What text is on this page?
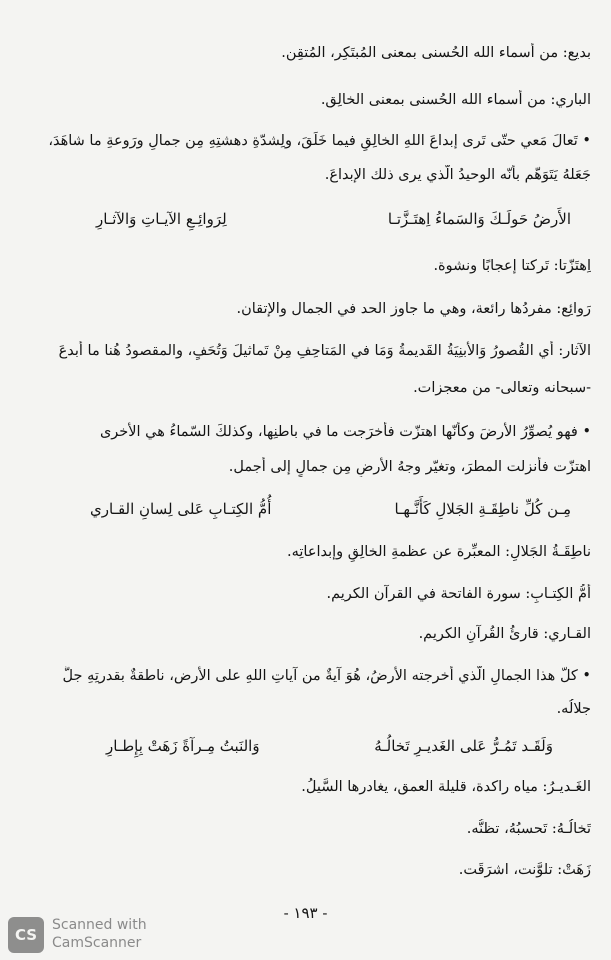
بديع: من أسماء الله الحُسنى بمعنى المُبتَكِر، المُتقِن.
الباري: من أسماء الله الحُسنى بمعنى الخالِق.
• تَعالَ مَعي حتّى تَرى إبداعَ اللهِ الخالِقِ فيما خَلَقَ، ولِشدّةِ دهشتِهِ مِن جمالِ ورَوعةِ ما شاهَدَ،
جَعَلهُ يَتَوَهّم بأنّه الوحيدُ الّذي يرى ذلك الإبداعَ.
الأَرضُ حَولَـكَ وَالسَماءُ اِهتَـزَّتـا
لِرَوائِـعِ الآيـاتِ وَالآثـارِ
اِهتَزّتا: تَركتا إعجابًا ونشوة.
رَوائِع: مفردُها رائعة، وهي ما جاوز الحد في الجمال والإتقان.
الآثار: أي القُصورُ وَالأبنِيَةُ القَديمةُ وَمَا في المَتاحِفِ مِنْ تَماثيلَ وَتُحَفٍ، والمقصودُ هُنا ما أبدعَ
-سبحانه وتعالى- من معجزات.
• فهو يُصوِّرُ الأَرضَ وكأنّها اهتزّت فأَخرَجت ما في باطنِها، وكذلكَ السّماءُ هي الأُخرى
اهتزّت فأنزلت المطرَ، وتغيّر وجهُ الأرضِ مِن جمالٍ إلى أجمل.
مِـن كُلِّ ناطِقَـةِ الجَلالِ كَأَنَّـهـا
أُمُّ الكِتـابِ عَلى لِسانِ القـاري
ناطِقَـةُ الجَلالِ: المعبِّرة عن عظمةِ الخالِقِ وإبداعاتِه.
أمُّ الكِتـابِ: سورة الفاتحة في القرآن الكريم.
القـاري: قارئُ القُرآنِ الكريم.
• كلّ هذا الجمالِ الّذي أخرجته الأرضُ، هُوَ آيةٌ من آياتِ اللهِ على الأرض، ناطقةٌ بقدرتِهِ جلَّ
جلالُه.
وَلَقَـد تَمُـرُّ عَلى الغَديـرِ تَخالُـهُ
وَالنَبتُ مِـرآةً زَهَتْ بِإِطـارِ
الغَـديـرُ: مياه راكدة، قليلة العمق، يغادرها السَّيلُ.
تَخالُـهُ: تَحسبُهُ، تظنُّه.
زَهَتْ: تلوَّنت، اشرَقَت.
- ١٩٣ -
CS
Scanned with
CamScanner
